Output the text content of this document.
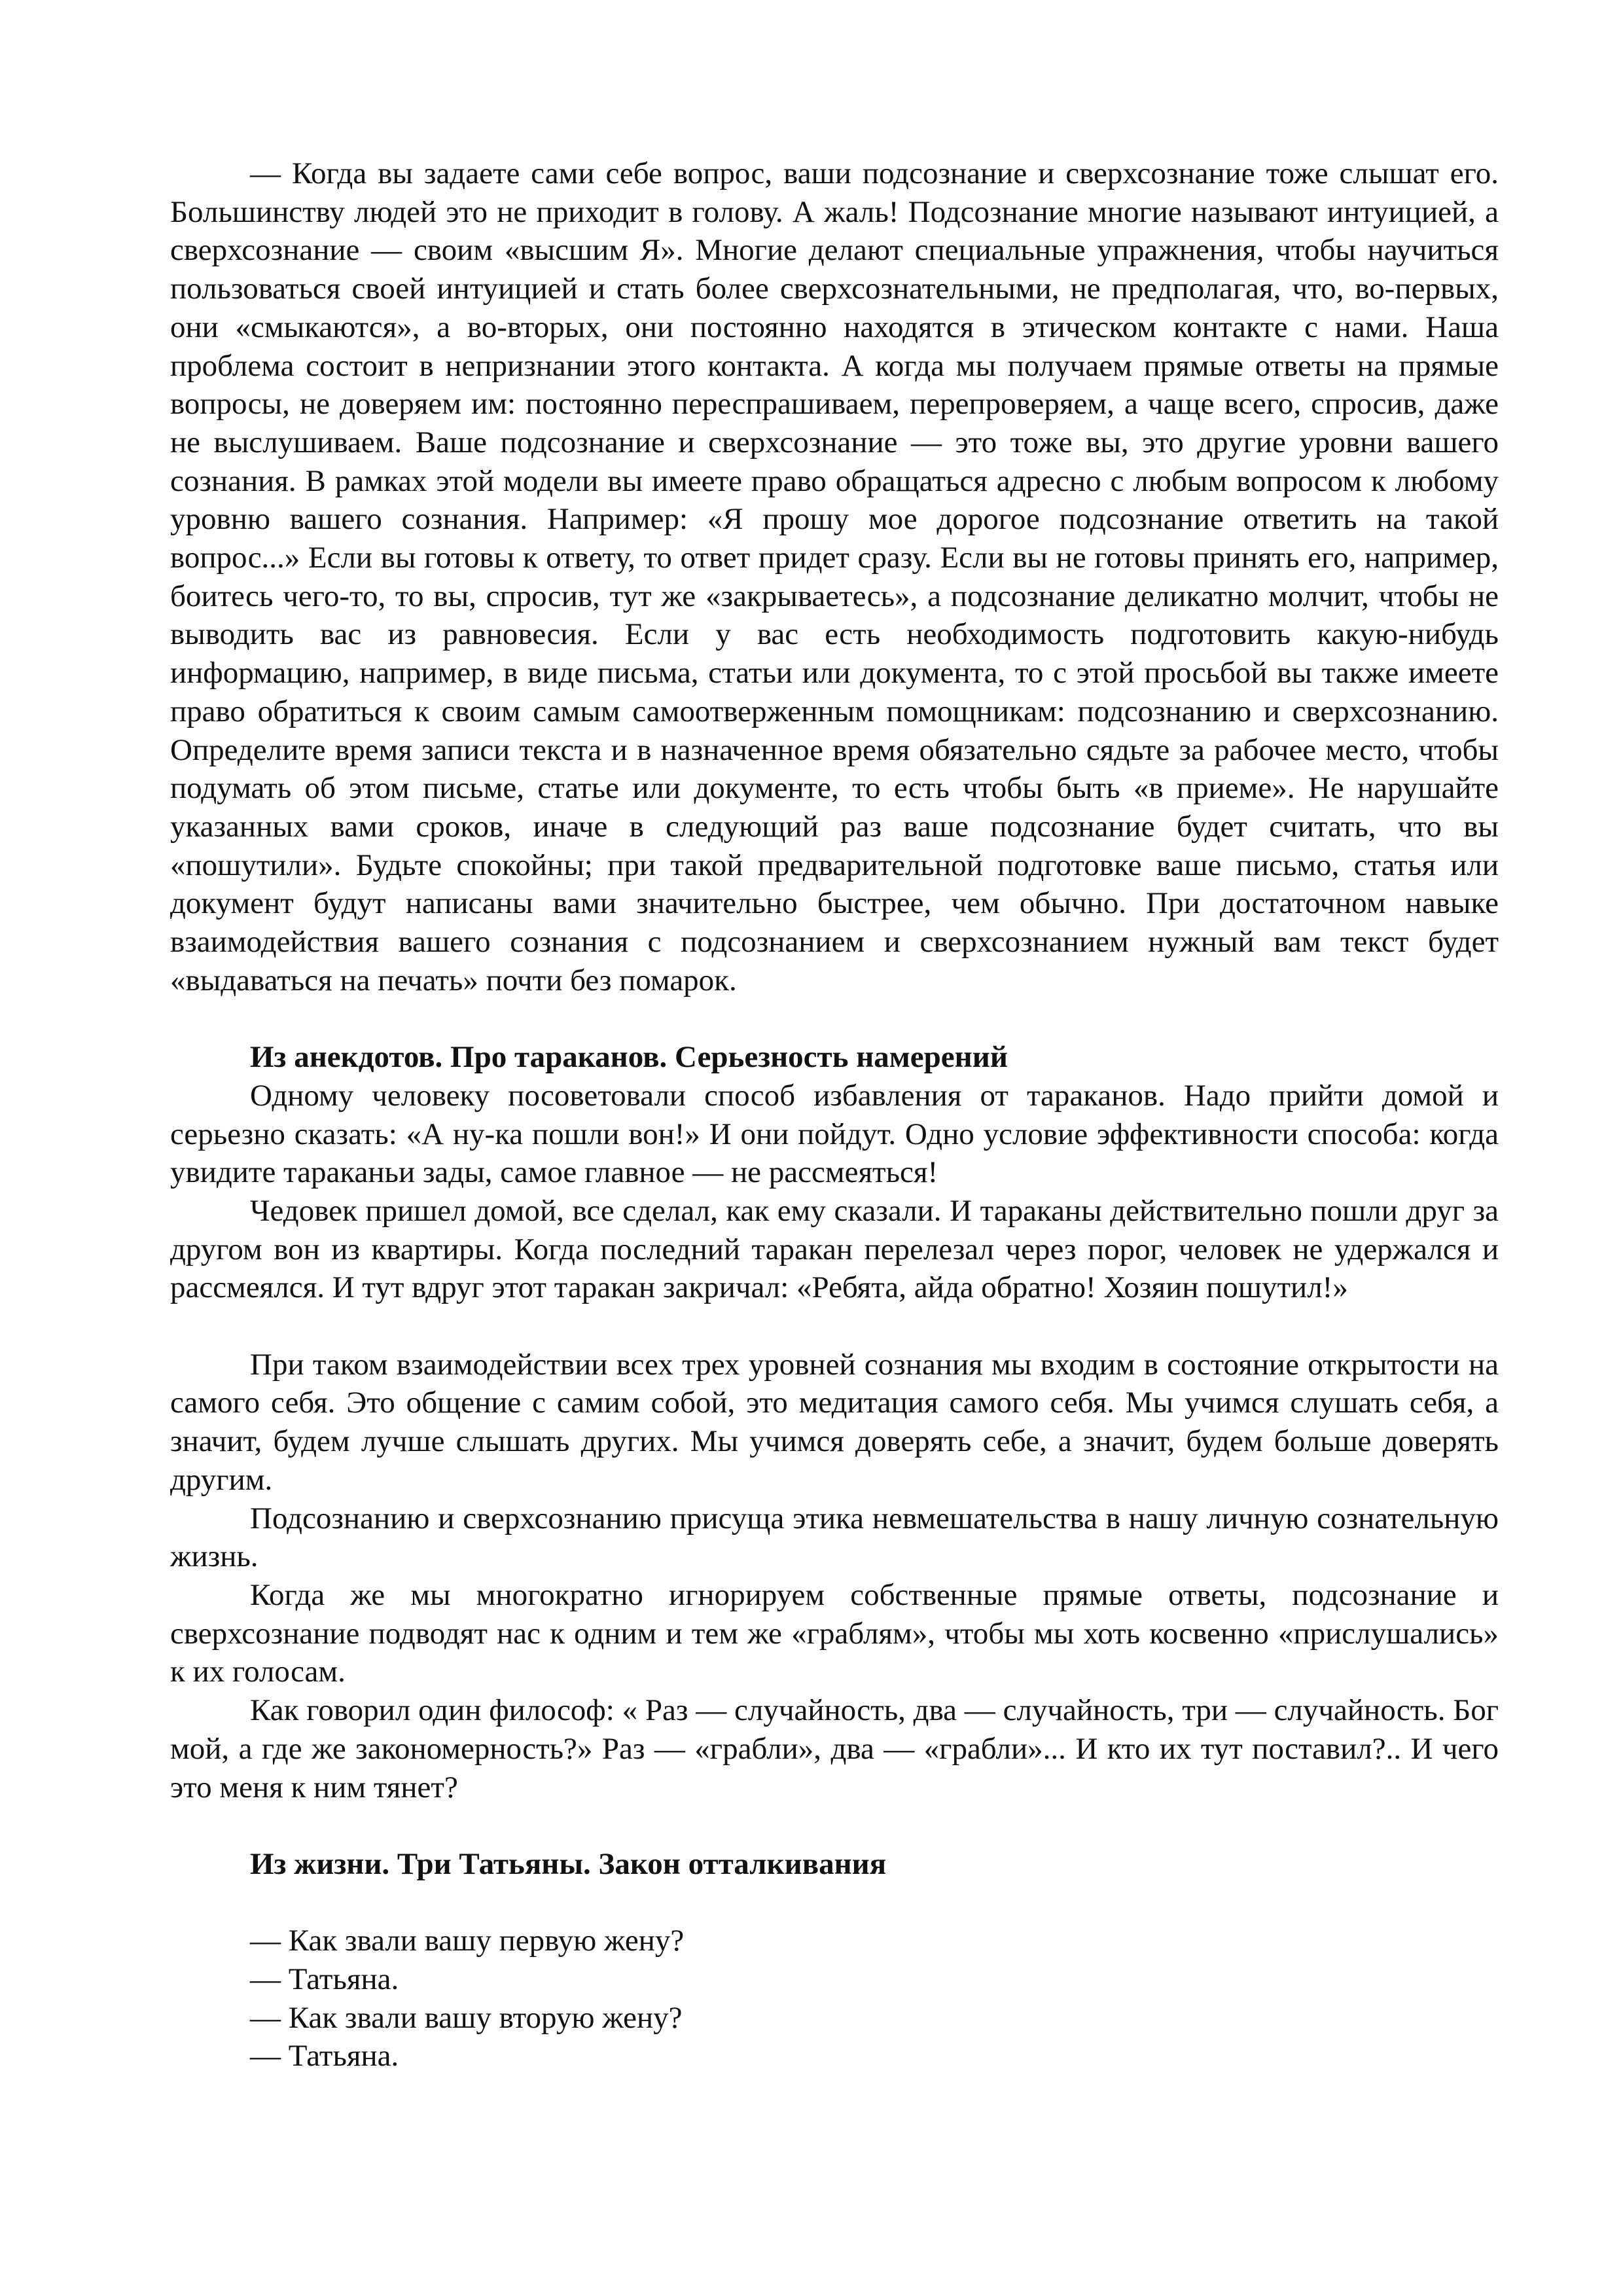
— Когда вы задаете сами себе вопрос, ваши подсознание и сверхсознание тоже слышат его. Большинству людей это не приходит в голову. А жаль! Подсознание многие называют интуицией, а сверхсознание — своим «высшим Я». Многие делают специальные упражнения, чтобы научиться пользоваться своей интуицией и стать более сверхсознательными, не предполагая, что, во-первых, они «смыкаются», а во-вторых, они постоянно находятся в этическом контакте с нами. Наша проблема состоит в непризнании этого контакта. А когда мы получаем прямые ответы на прямые вопросы, не доверяем им: постоянно переспрашиваем, перепроверяем, а чаще всего, спросив, даже не выслушиваем. Ваше подсознание и сверхсознание — это тоже вы, это другие уровни вашего сознания. В рамках этой модели вы имеете право обращаться адресно с любым вопросом к любому уровню вашего сознания. Например: «Я прошу мое дорогое подсознание ответить на такой вопрос...» Если вы готовы к ответу, то ответ придет сразу. Если вы не готовы принять его, например, боитесь чего-то, то вы, спросив, тут же «закрываетесь», а подсознание деликатно молчит, чтобы не выводить вас из равновесия. Если у вас есть необходимость подготовить какую-нибудь информацию, например, в виде письма, статьи или документа, то с этой просьбой вы также имеете право обратиться к своим самым самоотверженным помощникам: подсознанию и сверхсознанию. Определите время записи текста и в назначенное время обязательно сядьте за рабочее место, чтобы подумать об этом письме, статье или документе, то есть чтобы быть «в приеме». Не нарушайте указанных вами сроков, иначе в следующий раз ваше подсознание будет считать, что вы «пошутили». Будьте спокойны; при такой предварительной подготовке ваше письмо, статья или документ будут написаны вами значительно быстрее, чем обычно. При достаточном навыке взаимодействия вашего сознания с подсознанием и сверхсознанием нужный вам текст будет «выдаваться на печать» почти без помарок.

Из анекдотов. Про тараканов. Серьезность намерений

Одному человеку посоветовали способ избавления от тараканов. Надо прийти домой и серьезно сказать: «А ну-ка пошли вон!» И они пойдут. Одно условие эффективности способа: когда увидите тараканьи зады, самое главное — не рассмеяться!

Чедовек пришел домой, все сделал, как ему сказали. И тараканы действительно пошли друг за другом вон из квартиры. Когда последний таракан перелезал через порог, человек не удержался и рассмеялся. И тут вдруг этот таракан закричал: «Ребята, айда обратно! Хозяин пошутил!»

При таком взаимодействии всех трех уровней сознания мы входим в состояние открытости на самого себя. Это общение с самим собой, это медитация самого себя. Мы учимся слушать себя, а значит, будем лучше слышать других. Мы учимся доверять себе, а значит, будем больше доверять другим.

Подсознанию и сверхсознанию присуща этика невмешательства в нашу личную сознательную жизнь.

Когда же мы многократно игнорируем собственные прямые ответы, подсознание и сверхсознание подводят нас к одним и тем же «граблям», чтобы мы хоть косвенно «прислушались» к их голосам.

Как говорил один философ: « Раз — случайность, два — случайность, три — случайность. Бог мой, а где же закономерность?» Раз — «грабли», два — «грабли»... И кто их тут поставил?.. И чего это меня к ним тянет?

Из жизни. Три Татьяны. Закон отталкивания

— Как звали вашу первую жену?

— Татьяна.

— Как звали вашу вторую жену?

— Татьяна.
